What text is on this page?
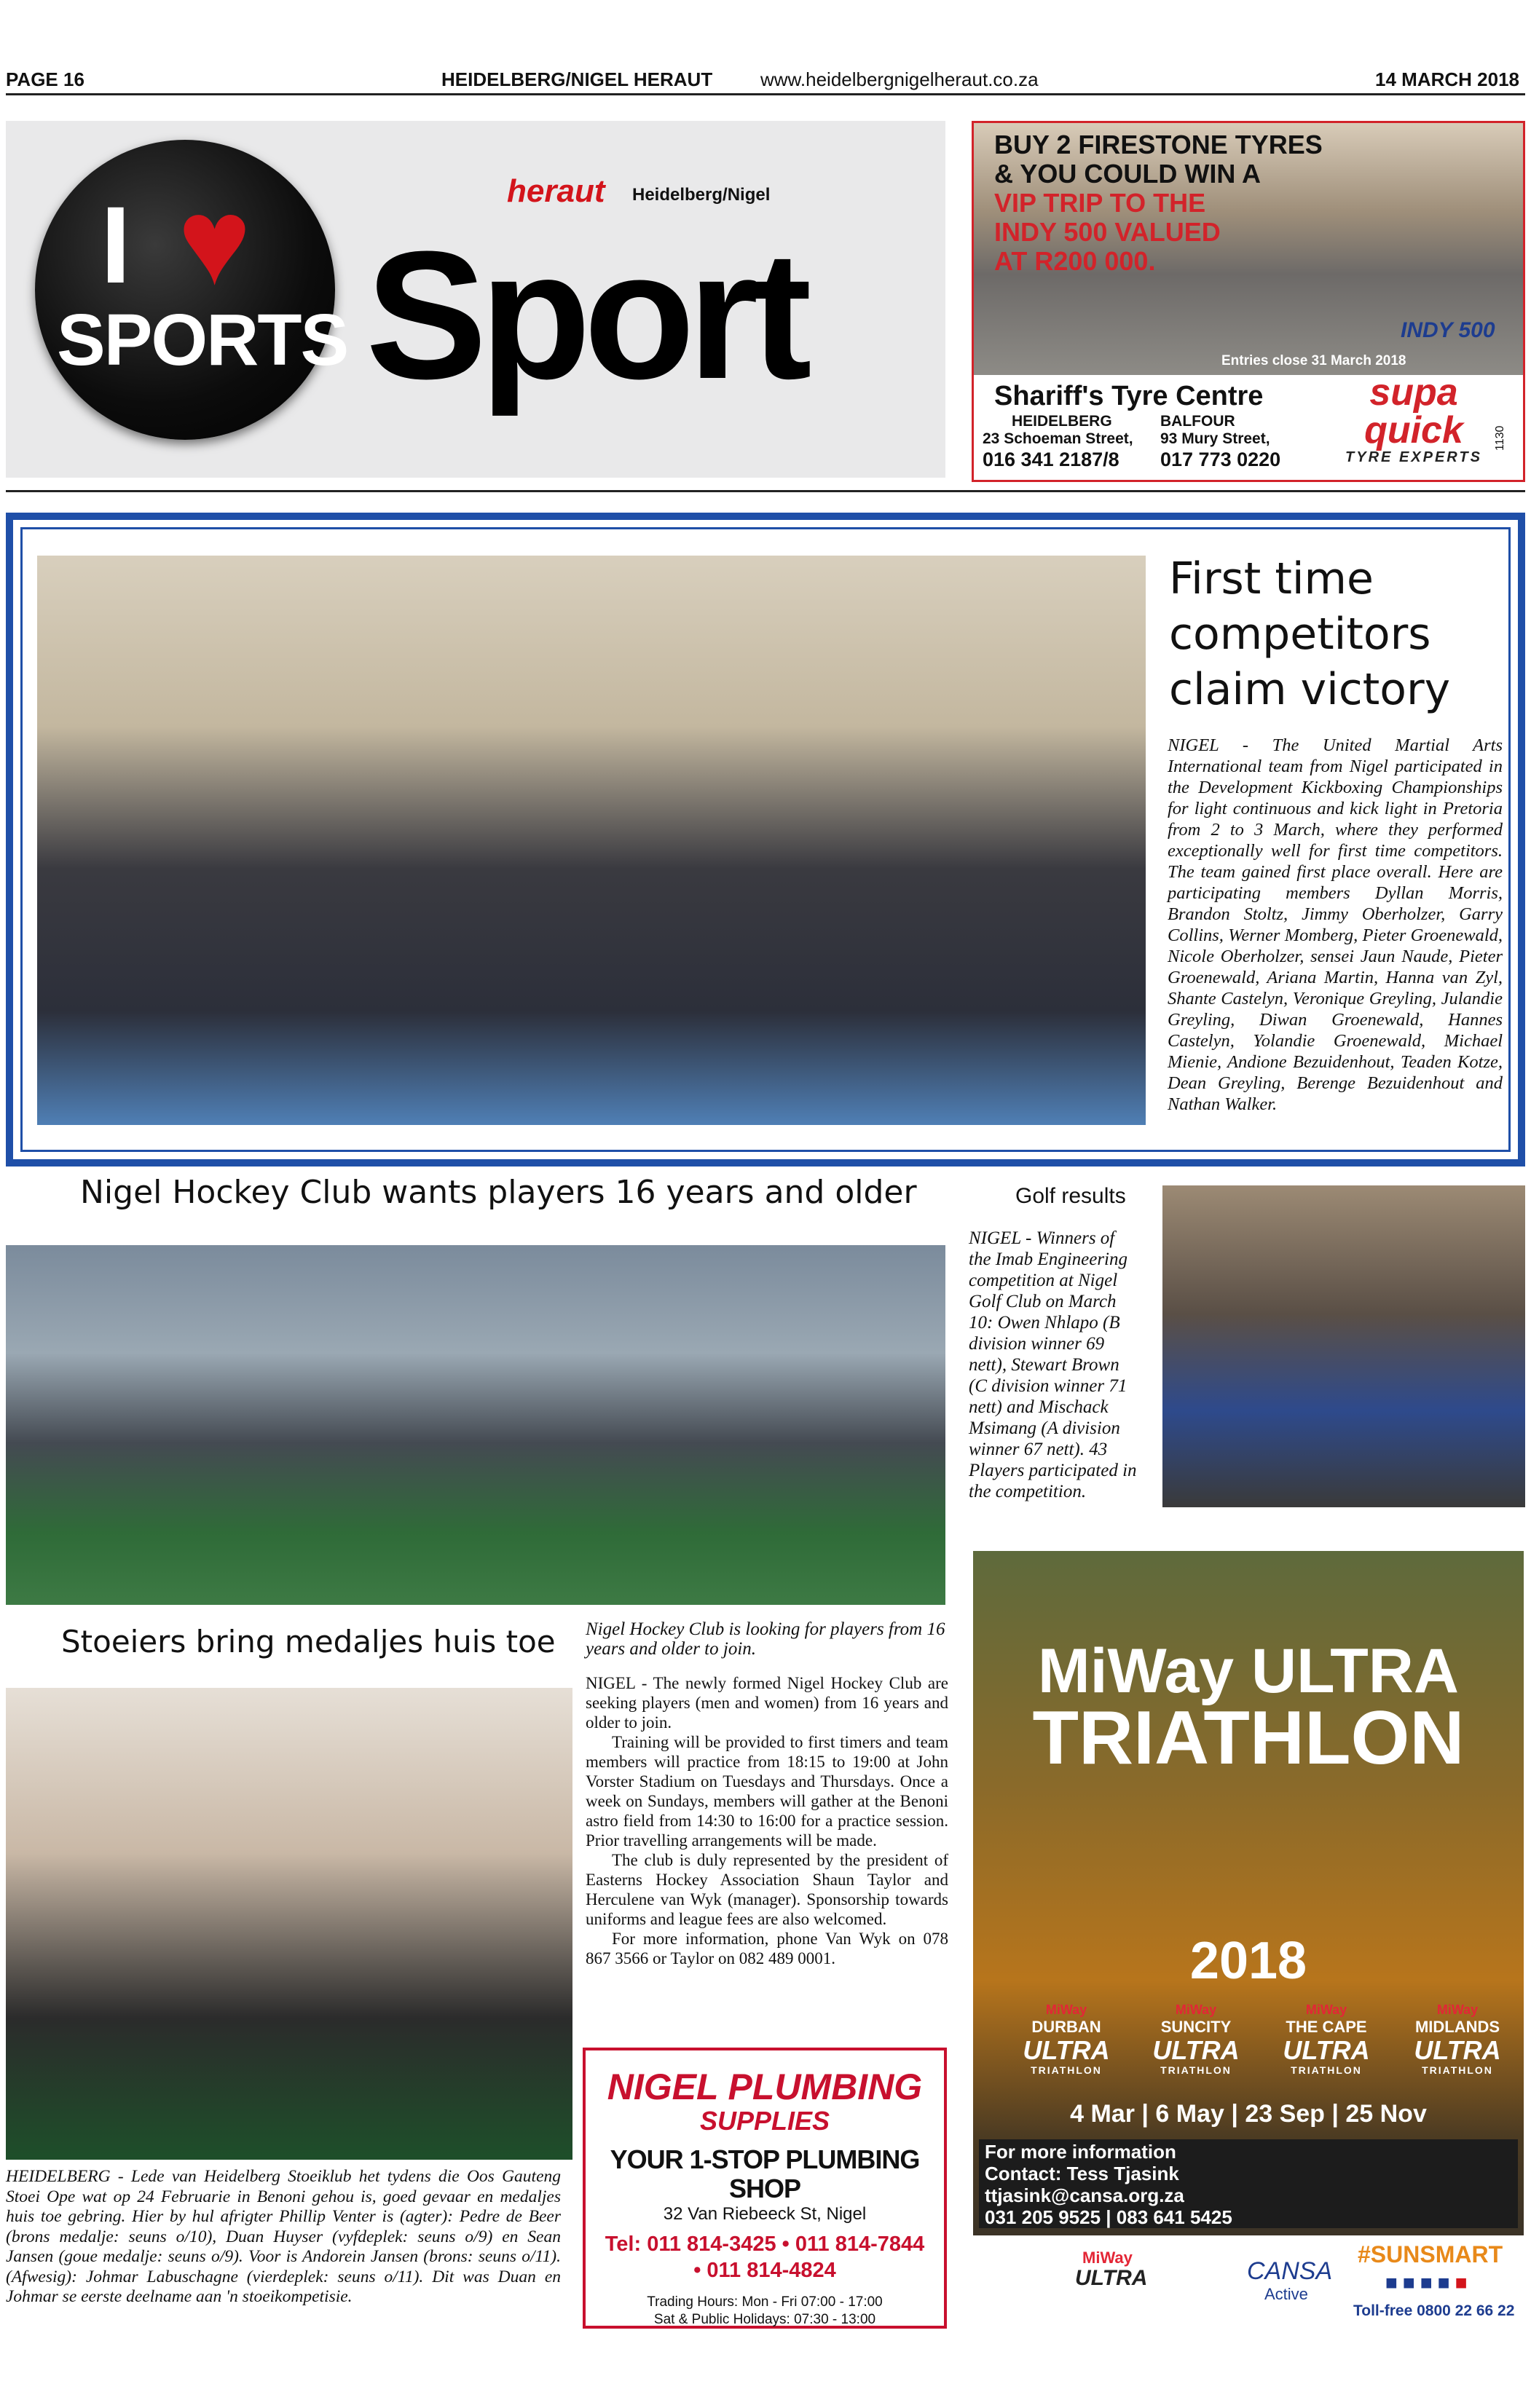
PAGE 16	HEIDELBERG/NIGEL HERAUT	www.heidelbergnigelheraut.co.za	14 MARCH 2018
I ♥
SPORTS
heraut Heidelberg/Nigel
Sport
BUY 2 FIRESTONE TYRES
& YOU COULD WIN A
VIP TRIP TO THE
INDY 500 VALUED
AT R200 000.
INDY 500
Entries close 31 March 2018
Shariff's Tyre Centre
HEIDELBERG
23 Schoeman Street,
016 341 2187/8
BALFOUR
93 Mury Street,
017 773 0220
supa
quick
TYRE EXPERTS
1130
First time competitors claim victory
NIGEL - The United Martial Arts International team from Nigel participated in the Development Kickboxing Championships for light continuous and kick light in Pretoria from 2 to 3 March, where they performed exceptionally well for first time competitors. The team gained first place overall. Here are participating members Dyllan Morris, Brandon Stoltz, Jimmy Oberholzer, Garry Collins, Werner Momberg, Pieter Groenewald, Nicole Oberholzer, sensei Jaun Naude, Pieter Groenewald, Ariana Martin, Hanna van Zyl, Shante Castelyn, Veronique Greyling, Julandie Greyling, Diwan Groenewald, Hannes Castelyn, Yolandie Groenewald, Michael Mienie, Andione Bezuidenhout, Teaden Kotze, Dean Greyling, Berenge Bezuidenhout and Nathan Walker.
Nigel Hockey Club wants players 16 years and older	Golf results
NIGEL - Winners of the Imab Engineering competition at Nigel Golf Club on March 10: Owen Nhlapo (B division winner 69 nett), Stewart Brown (C division winner 71 nett) and Mischack Msimang (A division winner 67 nett). 43 Players participated in the competition.
Stoeiers bring medaljes huis toe
HEIDELBERG - Lede van Heidelberg Stoeiklub het tydens die Oos Gauteng Stoei Ope wat op 24 Februarie in Benoni gehou is, goed gevaar en medaljes huis toe gebring. Hier by hul afrigter Phillip Venter is (agter): Pedre de Beer (brons medalje: seuns o/10), Duan Huyser (vyfdeplek: seuns o/9) en Sean Jansen (goue medalje: seuns o/9). Voor is Andorein Jansen (brons: seuns o/11). (Afwesig): Johmar Labuschagne (vierdeplek: seuns o/11). Dit was Duan en Johmar se eerste deelname aan 'n stoeikompetisie.
Nigel Hockey Club is looking for players from 16 years and older to join.
NIGEL - The newly formed Nigel Hockey Club are seeking players (men and women) from 16 years and older to join.
Training will be provided to first timers and team members will practice from 18:15 to 19:00 at John Vorster Stadium on Tuesdays and Thursdays. Once a week on Sundays, members will gather at the Benoni astro field from 14:30 to 16:00 for a practice session. Prior travelling arrangements will be made.
The club is duly represented by the president of Easterns Hockey Association Shaun Taylor and Herculene van Wyk (manager). Sponsorship towards uniforms and league fees are also welcomed.
For more information, phone Van Wyk on 078 867 3566 or Taylor on 082 489 0001.
NIGEL PLUMBING
SUPPLIES
YOUR 1-STOP PLUMBING SHOP
32 Van Riebeeck St, Nigel
Tel: 011 814-3425 • 011 814-7844
• 011 814-4824
Trading Hours: Mon - Fri 07:00 - 17:00
Sat & Public Holidays: 07:30 - 13:00
MiWay ULTRA
TRIATHLON
2018
MiWay
DURBAN
ULTRA
TRIATHLON
MiWay
SUNCITY
ULTRA
TRIATHLON
MiWay
THE CAPE
ULTRA
TRIATHLON
MiWay
MIDLANDS
ULTRA
TRIATHLON
4 Mar | 6 May | 23 Sep | 25 Nov
For more information
Contact: Tess Tjasink
ttjasink@cansa.org.za
031 205 9525 | 083 641 5425
MiWay
ULTRA	CANSA
Active
#SUNSMART
■ ■ ■ ■ ■
Toll-free 0800 22 66 22
